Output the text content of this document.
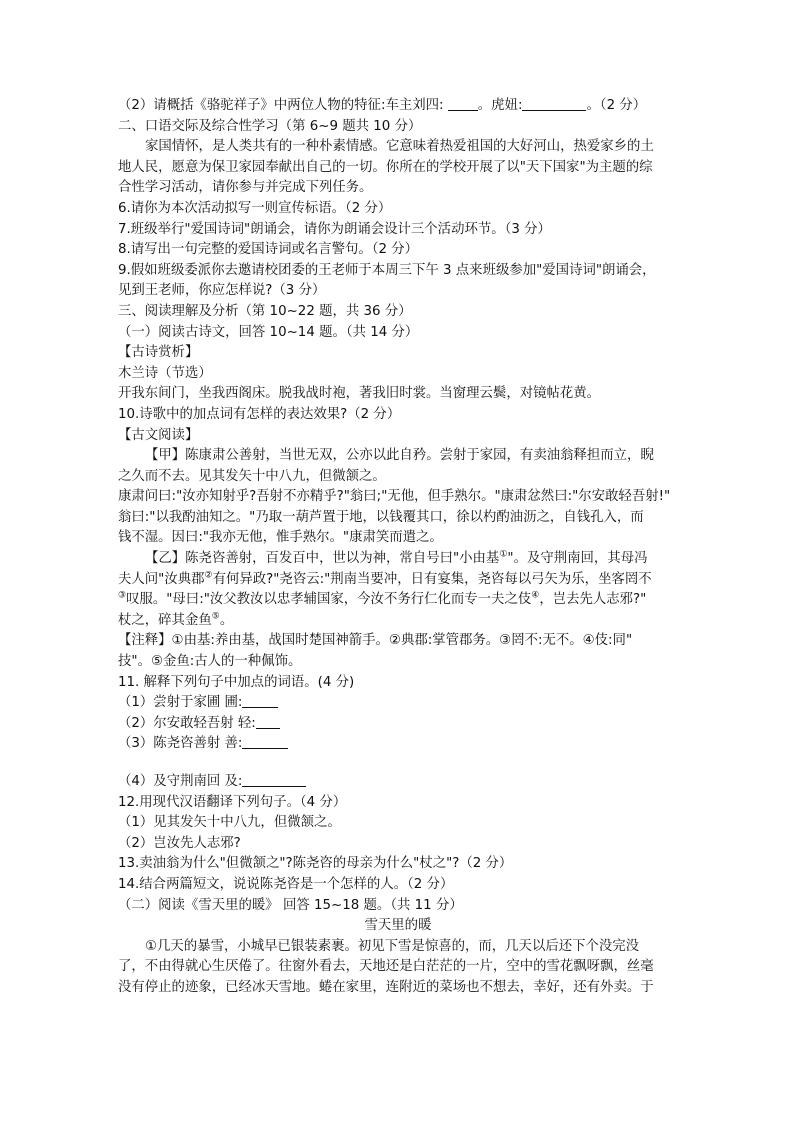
（2）请概括《骆驼祥子》中两位人物的特征:车主刘四: 。虎妞:	。（2 分）
二、口语交际及综合性学习（第 6~9 题共 10 分）
家国情怀，是人类共有的一种朴素情感。它意味着热爱祖国的大好河山，热爱家乡的土
地人民，愿意为保卫家园奉献出自己的一切。你所在的学校开展了以"天下国家"为主题的综
合性学习活动，请你参与并完成下列任务。
6.请你为本次活动拟写一则宣传标语。（2 分）
7.班级举行"爱国诗词"朗诵会，请你为朗诵会设计三个活动环节。（3 分）
8.请写出一句完整的爱国诗词或名言警句。（2 分）
9.假如班级委派你去邀请校团委的王老师于本周三下午 3 点来班级参加"爱国诗词"朗诵会，
见到王老师，你应怎样说?（3 分）
三、阅读理解及分析（第 10~22 题，共 36 分）
（一）阅读古诗文，回答 10~14 题。（共 14 分）
【古诗赏析】
木兰诗（节选）
开我东间门，坐我西阁床。脱我战时袍，著我旧时裳。当窗理云鬓，对镜帖花黄。
10.诗歌中的加点词有怎样的表达效果?（2 分）
【古文阅读】
【甲】陈康肃公善射，当世无双，公亦以此自矜。尝射于家园，有卖油翁释担而立，睨
之久而不去。见其发矢十中八九，但微颔之。
康肃问曰:"汝亦知射乎?吾射不亦精乎?"翁曰;"无他，但手熟尔。"康肃忿然曰:"尔安敢轻吾射!"
翁曰:"以我酌油知之。"乃取一葫芦置于地，以钱覆其口，徐以杓酌油沥之，自钱孔入，而
钱不湿。因曰:"我亦无他，惟手熟尔。"康肃笑而遣之。
【乙】陈尧咨善射，百发百中，世以为神，常自号曰"小由基①"。及守荆南回，其母冯
夫人问"汝典郡②有何异政?"尧咨云:"荆南当要冲，日有宴集，尧咨每以弓矢为乐，坐客罔不
③叹服。"母曰:"汝父教汝以忠孝辅国家，今汝不务行仁化而专一夫之伎④，岂去先人志邪?"
杖之，碎其金鱼⑤。
【注释】①由基:养由基，战国时楚国神箭手。②典郡:掌管郡务。③罔不:无不。④伎:同"
技"。⑤金鱼:古人的一种佩饰。
11. 解释下列句子中加点的词语。(4 分)
（1）尝射于家圃 圃:
（2）尔安敢轻吾射 轻:
（3）陈尧咨善射 善:
（4）及守荆南回 及:
12.用现代汉语翻译下列句子。（4 分）
（1）见其发矢十中八九，但微颔之。
（2）岂汝先人志邪?
13.卖油翁为什么"但微颔之"?陈尧咨的母亲为什么"杖之"?（2 分）
14.结合两篇短文，说说陈尧咨是一个怎样的人。（2 分）
（二）阅读《雪天里的暖》 回答 15~18 题。（共 11 分）
雪天里的暖
①几天的暴雪，小城早已银装素裹。初见下雪是惊喜的，而，几天以后还下个没完没
了，不由得就心生厌倦了。往窗外看去，天地还是白茫茫的一片，空中的雪花飘呀飘，丝毫
没有停止的迹象，已经冰天雪地。蜷在家里，连附近的菜场也不想去，幸好，还有外卖。于
